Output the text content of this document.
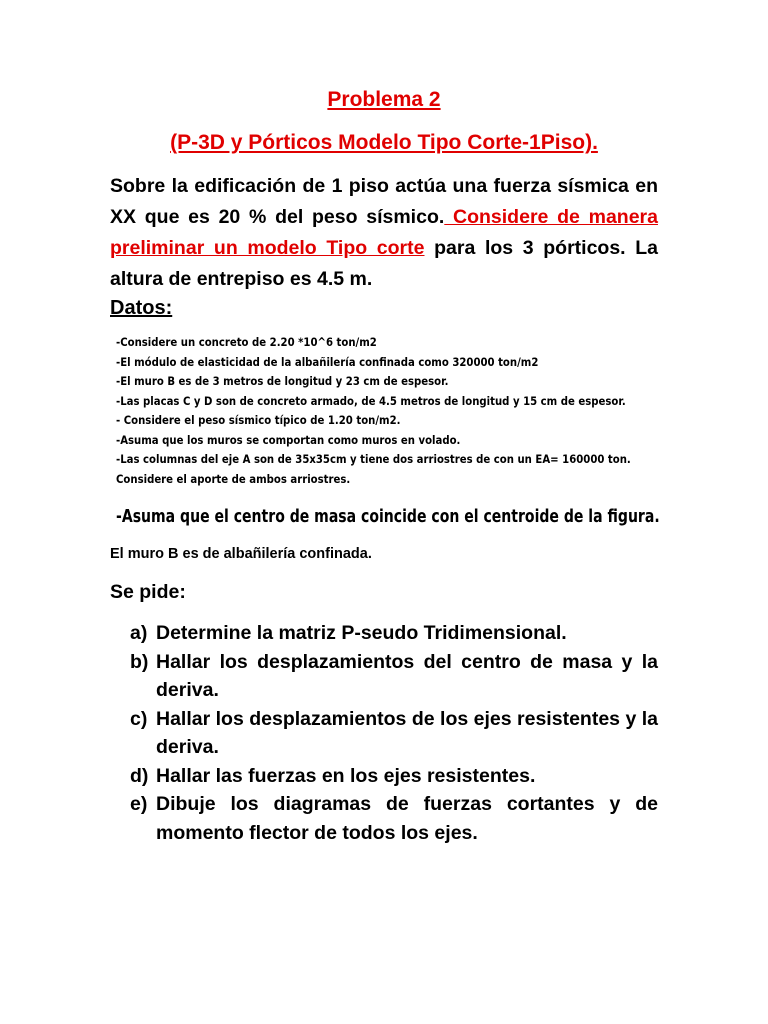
Problema 2
(P-3D y Pórticos Modelo Tipo Corte-1Piso).
Sobre la edificación de 1 piso actúa una fuerza sísmica en XX que es 20 % del peso sísmico. Considere de manera preliminar un modelo Tipo corte para los 3 pórticos. La altura de entrepiso es 4.5 m.
Datos:
-Considere un concreto de 2.20 *10^6 ton/m2
-El módulo de elasticidad de la albañilería confinada como 320000 ton/m2
-El muro B es de 3 metros de longitud y 23 cm de espesor.
-Las placas C y D son de concreto armado, de 4.5 metros de longitud y 15 cm de espesor.
- Considere el peso sísmico típico de 1.20 ton/m2.
-Asuma que los muros se comportan como muros en volado.
-Las columnas del eje A son de 35x35cm y tiene dos arriostres de con un EA= 160000 ton.
Considere el aporte de ambos arriostres.
-Asuma que el centro de masa coincide con el centroide de la figura.
El muro B es de albañilería confinada.
Se pide:
a) Determine la matriz P-seudo Tridimensional.
b) Hallar los desplazamientos del centro de masa y la deriva.
c) Hallar los desplazamientos de los ejes resistentes y la deriva.
d) Hallar las fuerzas en los ejes resistentes.
e) Dibuje los diagramas de fuerzas cortantes y de momento flector de todos los ejes.
